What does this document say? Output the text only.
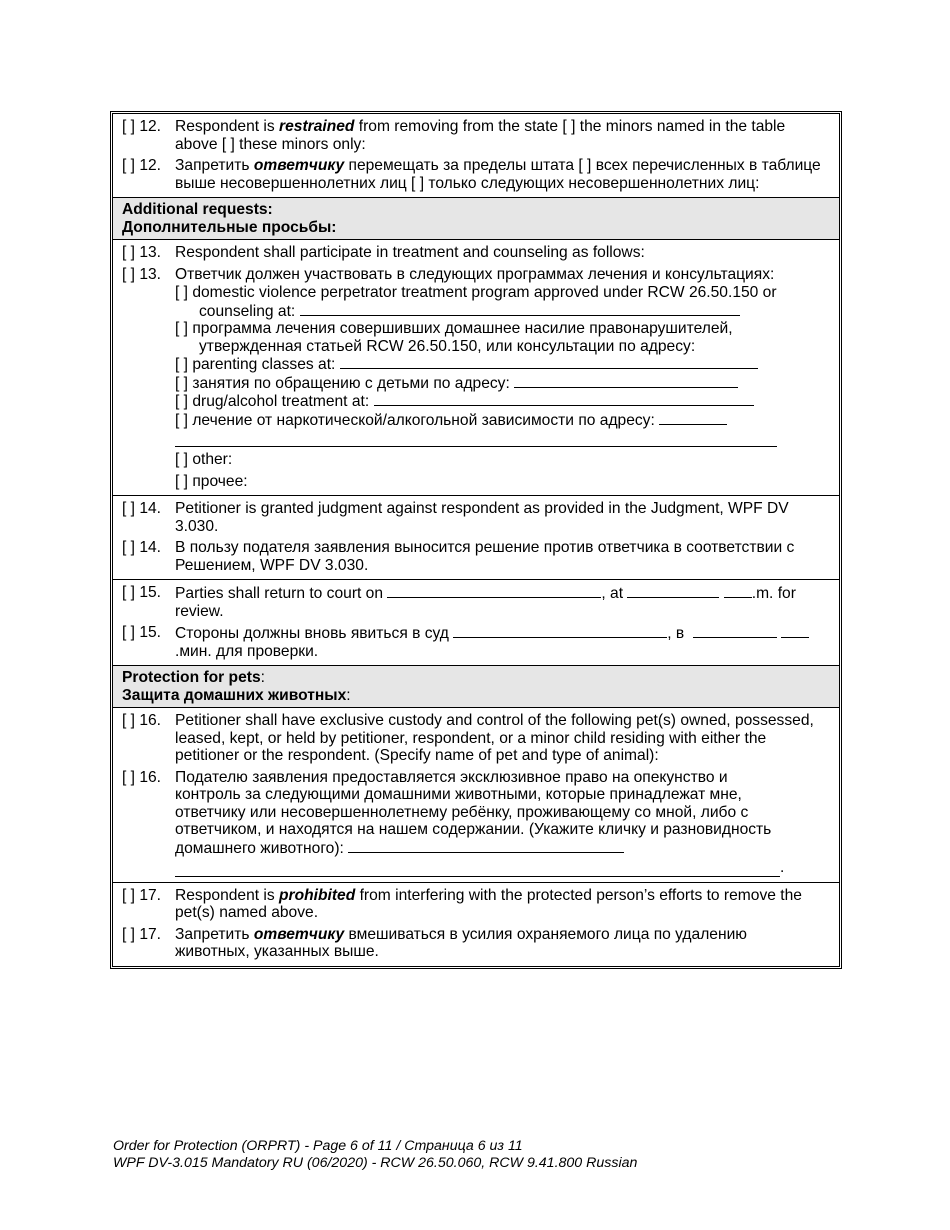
[ ] 12. Respondent is restrained from removing from the state [ ] the minors named in the table above [ ] these minors only:
[ ] 12. Запретить ответчику перемещать за пределы штата [ ] всех перечисленных в таблице выше несовершеннолетних лиц [ ] только следующих несовершеннолетних лиц:
Additional requests:
Дополнительные просьбы:
[ ] 13. Respondent shall participate in treatment and counseling as follows:
[ ] 13. Ответчик должен участвовать в следующих программах лечения и консультациях:
[ ] domestic violence perpetrator treatment program approved under RCW 26.50.150 or counseling at:
[ ] программа лечения совершивших домашнее насилие правонарушителей, утвержденная статьей RCW 26.50.150, или консультации по адресу:
[ ] parenting classes at:
[ ] занятия по обращению с детьми по адресу:
[ ] drug/alcohol treatment at:
[ ] лечение от наркотической/алкогольной зависимости по адресу:
[ ] other:
[ ] прочее:
[ ] 14. Petitioner is granted judgment against respondent as provided in the Judgment, WPF DV 3.030.
[ ] 14. В пользу подателя заявления выносится решение против ответчика в соответствии с Решением, WPF DV 3.030.
[ ] 15. Parties shall return to court on	, at	.m. for review.
[ ] 15. Стороны должны вновь явиться в суд	, в   .мин. для проверки.
Protection for pets:
Защита домашних животных:
[ ] 16. Petitioner shall have exclusive custody and control of the following pet(s) owned, possessed, leased, kept, or held by petitioner, respondent, or a minor child residing with either the petitioner or the respondent. (Specify name of pet and type of animal):
[ ] 16. Подателю заявления предоставляется эксклюзивное право на опекунство и контроль за следующими домашними животными, которые принадлежат мне, ответчику или несовершеннолетнему ребёнку, проживающему со мной, либо с ответчиком, и находятся на нашем содержании. (Укажите кличку и разновидность домашнего животного):
.
[ ] 17. Respondent is prohibited from interfering with the protected person’s efforts to remove the pet(s) named above.
[ ] 17. Запретить ответчику вмешиваться в усилия охраняемого лица по удалению животных, указанных выше.
Order for Protection (ORPRT) - Page 6 of 11 / Страница 6 из 11
WPF DV-3.015 Mandatory RU (06/2020) - RCW 26.50.060, RCW 9.41.800 Russian
